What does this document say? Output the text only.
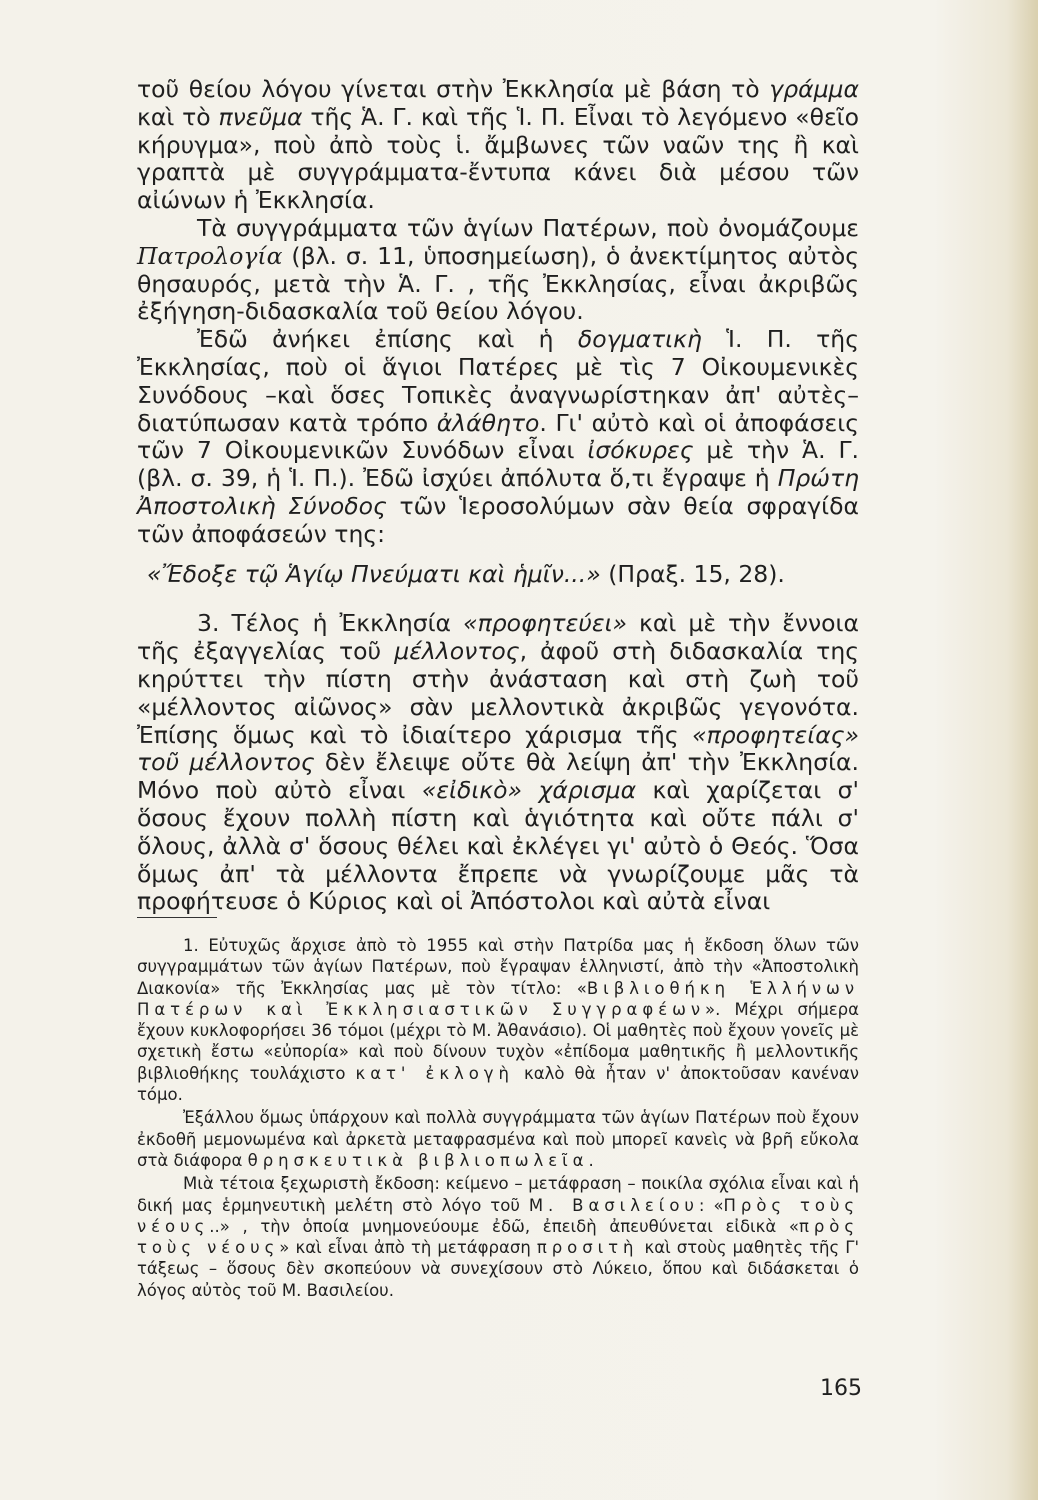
τοῦ θείου λόγου γίνεται στὴν Ἐκκλησία μὲ βάση τὸ γράμμα καὶ τὸ πνεῦμα τῆς Ἁ. Γ. καὶ τῆς Ἱ. Π. Εἶναι τὸ λεγόμενο «θεῖο κήρυγμα», ποὺ ἀπὸ τοὺς ἱ. ἄμβωνες τῶν ναῶν της ἢ καὶ γραπτὰ μὲ συγγράμματα-ἔντυπα κάνει διὰ μέσου τῶν αἰώνων ἡ Ἐκκλησία.

Τὰ συγγράμματα τῶν ἁγίων Πατέρων, ποὺ ὀνομάζουμε Πατρολογία (βλ. σ. 11, ὑποσημείωση), ὁ ἀνεκτίμητος αὐτὸς θησαυρός, μετὰ τὴν Ἁ. Γ. , τῆς Ἐκκλησίας, εἶναι ἀκριβῶς ἐξήγηση-διδασκαλία τοῦ θείου λόγου.

Ἐδῶ ἀνήκει ἐπίσης καὶ ἡ δογματικὴ Ἱ. Π. τῆς Ἐκκλησίας, ποὺ οἱ ἅγιοι Πατέρες μὲ τὶς 7 Οἰκουμενικὲς Συνόδους –καὶ ὅσες Τοπικὲς ἀναγνωρίστηκαν ἀπ' αὐτὲς– διατύπωσαν κατὰ τρόπο ἀλάθητο. Γι' αὐτὸ καὶ οἱ ἀποφάσεις τῶν 7 Οἰκουμενικῶν Συνόδων εἶναι ἰσόκυρες μὲ τὴν Ἁ. Γ. (βλ. σ. 39, ἡ Ἱ. Π.). Ἐδῶ ἰσχύει ἀπόλυτα ὅ,τι ἔγραψε ἡ Πρώτη Ἀποστολικὴ Σύνοδος τῶν Ἱεροσολύμων σὰν θεία σφραγίδα τῶν ἀποφάσεών της:

«Ἔδοξε τῷ Ἁγίῳ Πνεύματι καὶ ἡμῖν...» (Πραξ. 15, 28).

3. Τέλος ἡ Ἐκκλησία «προφητεύει» καὶ μὲ τὴν ἔννοια τῆς ἐξαγγελίας τοῦ μέλλοντος, ἀφοῦ στὴ διδασκαλία της κηρύττει τὴν πίστη στὴν ἀνάσταση καὶ στὴ ζωὴ τοῦ «μέλλοντος αἰῶνος» σὰν μελλοντικὰ ἀκριβῶς γεγονότα. Ἐπίσης ὅμως καὶ τὸ ἰδιαίτερο χάρισμα τῆς «προφητείας» τοῦ μέλλοντος δὲν ἔλειψε οὔτε θὰ λείψη ἀπ' τὴν Ἐκκλησία. Μόνο ποὺ αὐτὸ εἶναι «εἰδικὸ» χάρισμα καὶ χαρίζεται σ' ὅσους ἔχουν πολλὴ πίστη καὶ ἁγιότητα καὶ οὔτε πάλι σ' ὅλους, ἀλλὰ σ' ὅσους θέλει καὶ ἐκλέγει γι' αὐτὸ ὁ Θεός. Ὅσα ὅμως ἀπ' τὰ μέλλοντα ἔπρεπε νὰ γνωρίζουμε μᾶς τὰ προφήτευσε ὁ Κύριος καὶ οἱ Ἀπόστολοι καὶ αὐτὰ εἶναι

1. Εὐτυχῶς ἄρχισε ἀπὸ τὸ 1955 καὶ στὴν Πατρίδα μας ἡ ἔκδοση ὅλων τῶν συγγραμμάτων τῶν ἁγίων Πατέρων, ποὺ ἔγραψαν ἑλληνιστί, ἀπὸ τὴν «Ἀποστολικὴ Διακονία» τῆς Ἐκκλησίας μας μὲ τὸν τίτλο: «Βιβλιοθήκη Ἑλλήνων Πατέρων καὶ Ἐκκλησιαστικῶν Συγγραφέων». Μέχρι σήμερα ἔχουν κυκλοφορήσει 36 τόμοι (μέχρι τὸ Μ. Ἀθανάσιο). Οἱ μαθητὲς ποὺ ἔχουν γονεῖς μὲ σχετικὴ ἔστω «εὐπορία» καὶ ποὺ δίνουν τυχὸν «ἐπίδομα μαθητικῆς ἢ μελλοντικῆς βιβλιοθήκης τουλάχιστο κατ' ἐκλογὴ καλὸ θὰ ἦταν ν' ἀποκτοῦσαν κανέναν τόμο.

Ἐξάλλου ὅμως ὑπάρχουν καὶ πολλὰ συγγράμματα τῶν ἁγίων Πατέρων ποὺ ἔχουν ἐκδοθῆ μεμονωμένα καὶ ἀρκετὰ μεταφρασμένα καὶ ποὺ μπορεῖ κανεὶς νὰ βρῆ εὔκολα στὰ διάφορα θρησκευτικὰ βιβλιοπωλεῖα.

Μιὰ τέτοια ξεχωριστὴ ἔκδοση: κείμενο – μετάφραση – ποικίλα σχόλια εἶναι καὶ ἡ δική μας ἑρμηνευτικὴ μελέτη στὸ λόγο τοῦ Μ. Βασιλείου: «Πρὸς τοὺς νέους..» , τὴν ὁποία μνημονεύουμε ἐδῶ, ἐπειδὴ ἀπευθύνεται εἰδικὰ «πρὸς τοὺς νέους» καὶ εἶναι ἀπὸ τὴ μετάφραση προσιτὴ καὶ στοὺς μαθητὲς τῆς Γ' τάξεως – ὅσους δὲν σκοπεύουν νὰ συνεχίσουν στὸ Λύκειο, ὅπου καὶ διδάσκεται ὁ λόγος αὐτὸς τοῦ Μ. Βασιλείου.

165
